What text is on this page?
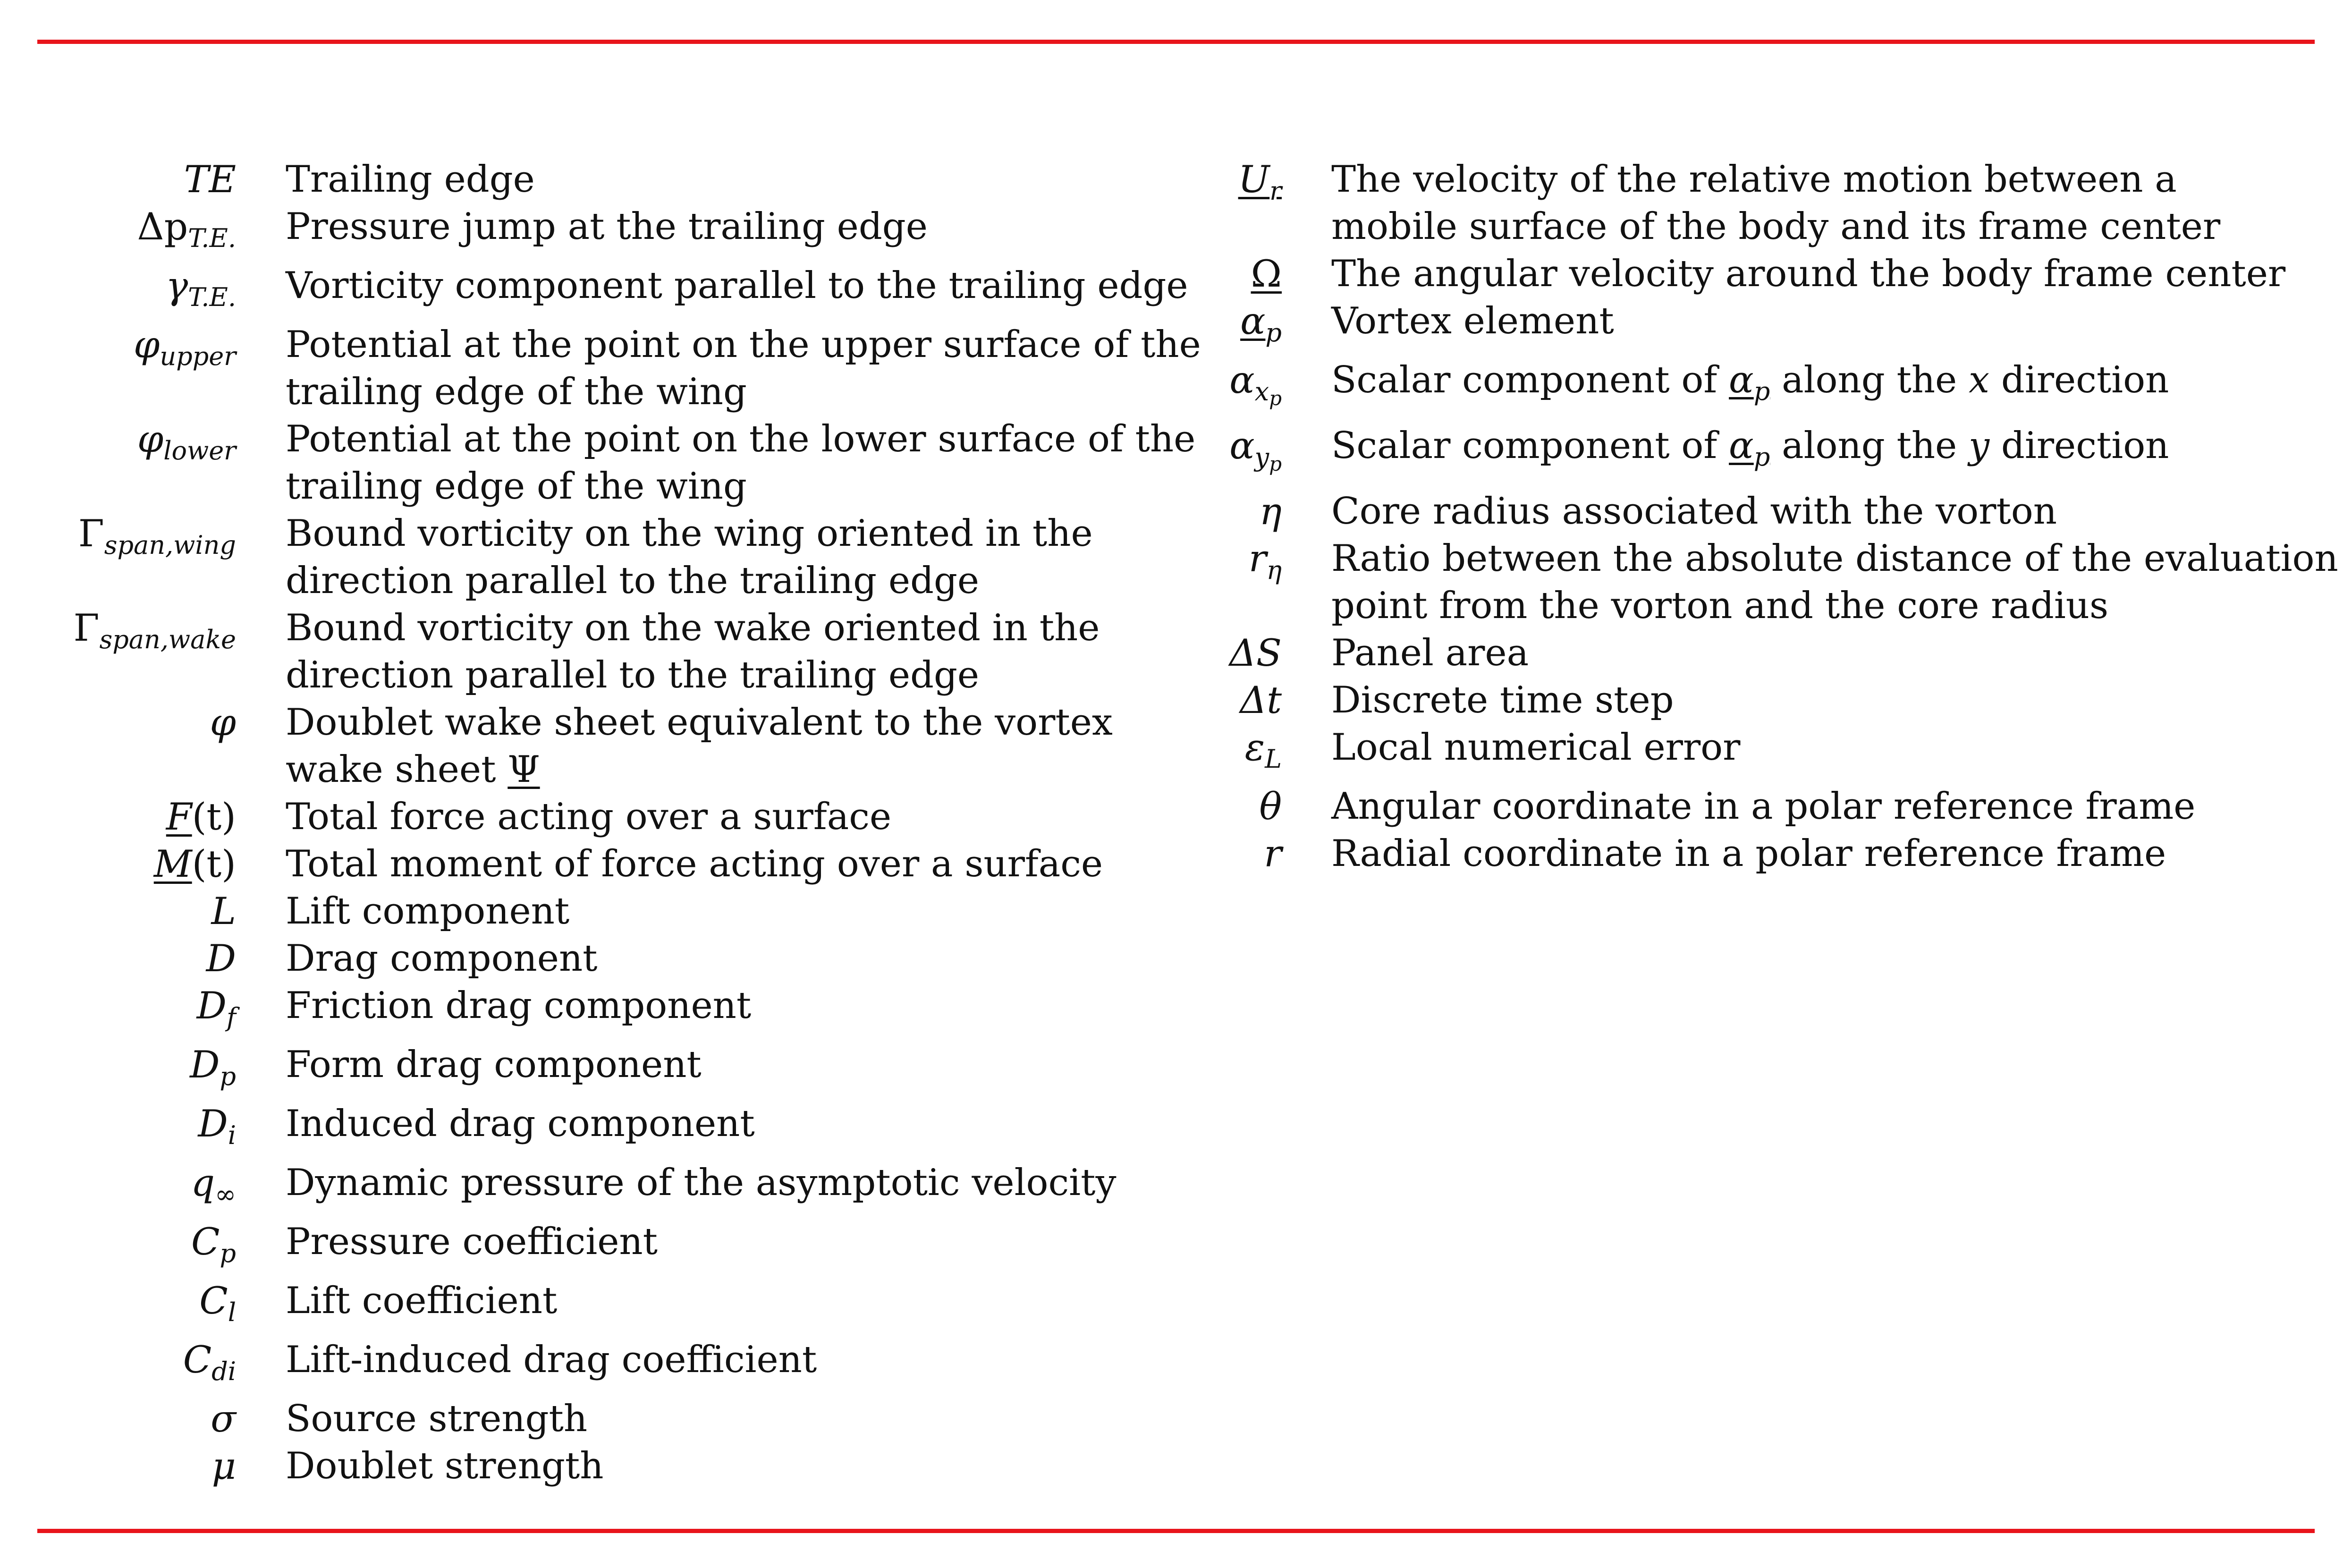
TE Trailing edge
$\Delta p_{T.E.}$ Pressure jump at the trailing edge
$\gamma_{T.E.}$ Vorticity component parallel to the trailing edge
$\varphi_{upper}$ Potential at the point on the upper surface of the
trailing edge of the wing
$\varphi_{lower}$ Potential at the point on the lower surface of the
trailing edge of the wing
$\Gamma_{span,wing}$ Bound vorticity on the wing oriented in the
direction parallel to the trailing edge
$\Gamma_{span,wake}$ Bound vorticity on the wake oriented in the
direction parallel to the trailing edge
φ Doublet wake sheet equivalent to the vortex
wake sheet Ψ
F(t) Total force acting over a surface
M(t) Total moment of force acting over a surface
L Lift component
D Drag component
$D_f$ Friction drag component
$D_p$ Form drag component
$D_i$ Induced drag component
$q_\infty$ Dynamic pressure of the asymptotic velocity
$C_p$ Pressure coefficient
$C_l$ Lift coefficient
$C_{di}$ Lift-induced drag coefficient
σ Source strength
μ Doublet strength
$U_r$ The velocity of the relative motion between a
mobile surface of the body and its frame center
Ω The angular velocity around the body frame center
$\alpha_p$ Vortex element
$\alpha_{xp}$ Scalar component of $\alpha_p$ along the x direction
$\alpha_{yp}$ Scalar component of $\alpha_p$ along the y direction
η Core radius associated with the vorton
$r_\eta$ Ratio between the absolute distance of the evaluation
point from the vorton and the core radius
ΔS Panel area
Δt Discrete time step
$\varepsilon_L$ Local numerical error
θ Angular coordinate in a polar reference frame
r Radial coordinate in a polar reference frame
